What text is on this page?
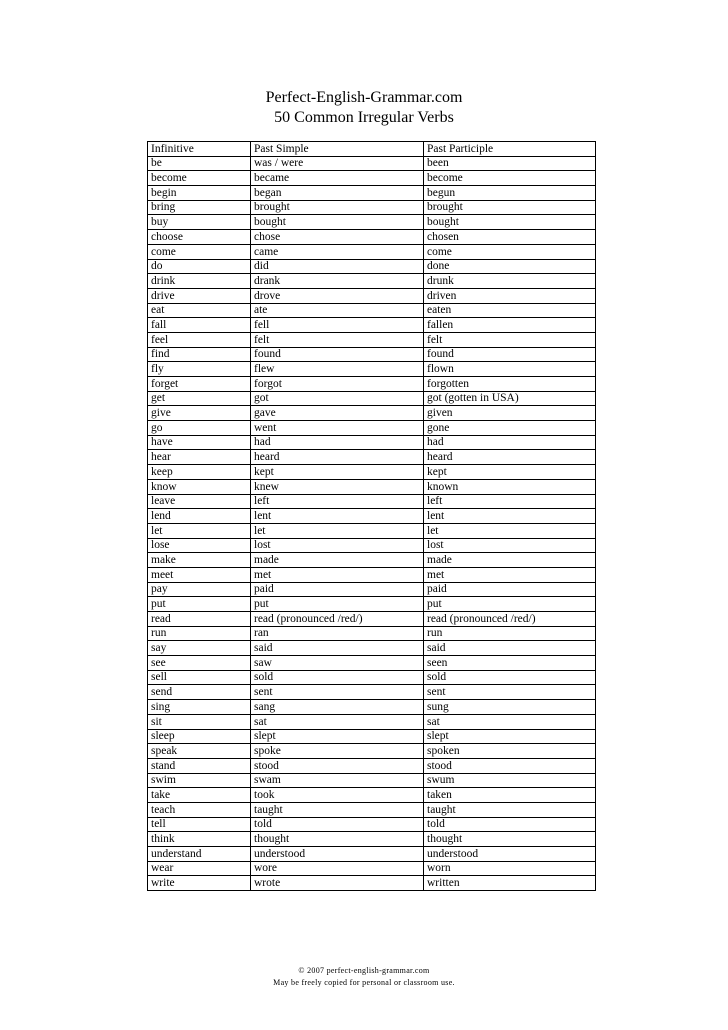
Perfect-English-Grammar.com
50 Common Irregular Verbs
Infinitive	Past Simple	Past Participle
be	was / were	been
become	became	become
begin	began	begun
bring	brought	brought
buy	bought	bought
choose	chose	chosen
come	came	come
do	did	done
drink	drank	drunk
drive	drove	driven
eat	ate	eaten
fall	fell	fallen
feel	felt	felt
find	found	found
fly	flew	flown
forget	forgot	forgotten
get	got	got (gotten in USA)
give	gave	given
go	went	gone
have	had	had
hear	heard	heard
keep	kept	kept
know	knew	known
leave	left	left
lend	lent	lent
let	let	let
lose	lost	lost
make	made	made
meet	met	met
pay	paid	paid
put	put	put
read	read (pronounced /red/)	read (pronounced /red/)
run	ran	run
say	said	said
see	saw	seen
sell	sold	sold
send	sent	sent
sing	sang	sung
sit	sat	sat
sleep	slept	slept
speak	spoke	spoken
stand	stood	stood
swim	swam	swum
take	took	taken
teach	taught	taught
tell	told	told
think	thought	thought
understand	understood	understood
wear	wore	worn
write	wrote	written
© 2007 perfect-english-grammar.com
May be freely copied for personal or classroom use.
